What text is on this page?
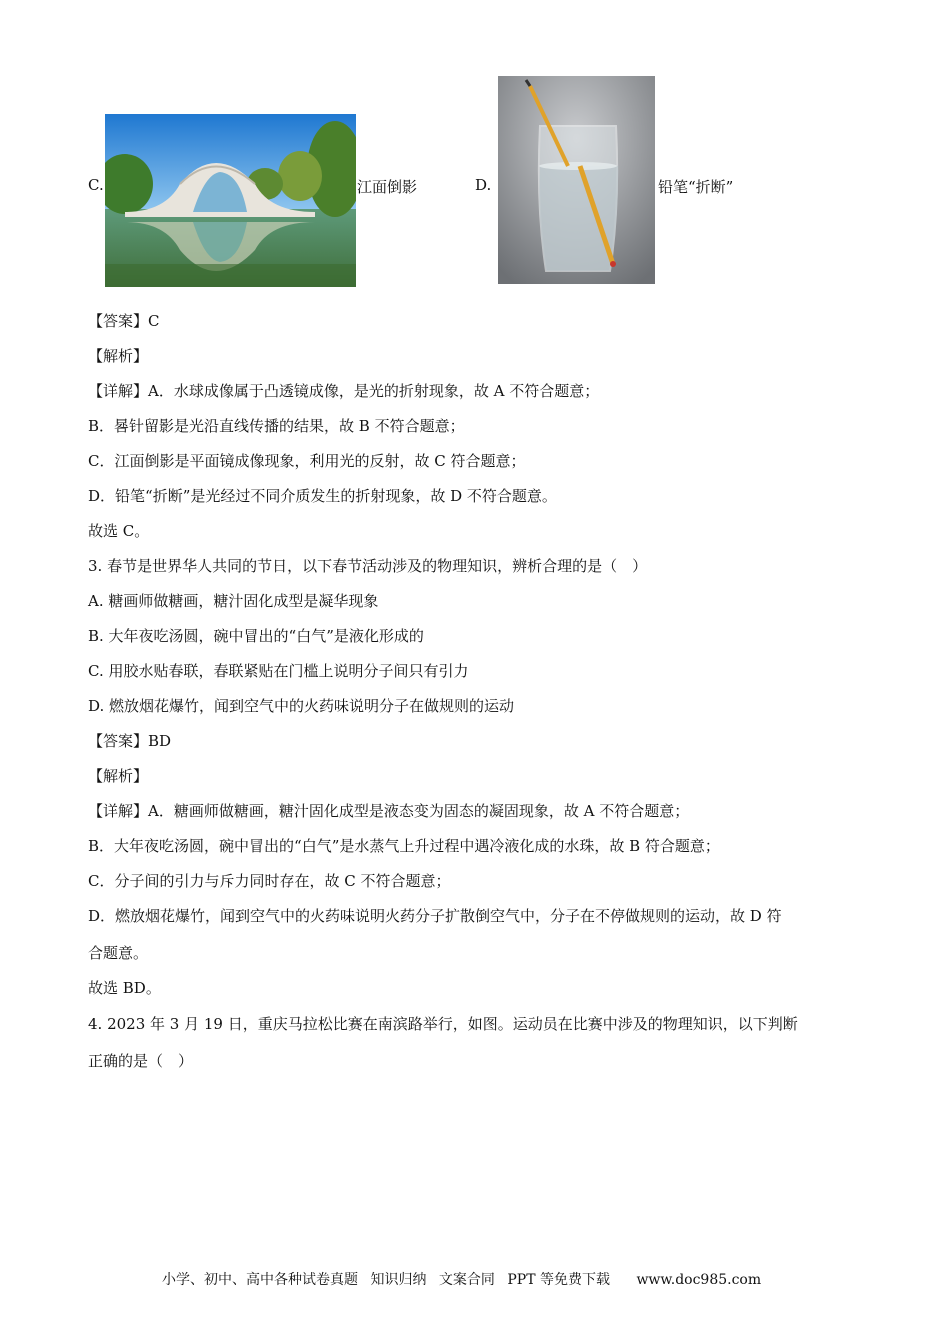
C.	江面倒影	D.	铅笔“折断”
【答案】C
【解析】
【详解】A．水球成像属于凸透镜成像，是光的折射现象，故 A 不符合题意；
B．晷针留影是光沿直线传播的结果，故 B 不符合题意；
C．江面倒影是平面镜成像现象，利用光的反射，故 C 符合题意；
D．铅笔“折断”是光经过不同介质发生的折射现象，故 D 不符合题意。
故选 C。
3. 春节是世界华人共同的节日，以下春节活动涉及的物理知识，辨析合理的是（　）
A. 糖画师做糖画，糖汁固化成型是凝华现象
B. 大年夜吃汤圆，碗中冒出的“白气”是液化形成的
C. 用胶水贴春联，春联紧贴在门槛上说明分子间只有引力
D. 燃放烟花爆竹，闻到空气中的火药味说明分子在做规则的运动
【答案】BD
【解析】
【详解】A．糖画师做糖画，糖汁固化成型是液态变为固态的凝固现象，故 A 不符合题意；
B．大年夜吃汤圆，碗中冒出的“白气”是水蒸气上升过程中遇冷液化成的水珠，故 B 符合题意；
C．分子间的引力与斥力同时存在，故 C 不符合题意；
D．燃放烟花爆竹，闻到空气中的火药味说明火药分子扩散倒空气中，分子在不停做规则的运动，故 D 符
合题意。
故选 BD。
4. 2023 年 3 月 19 日，重庆马拉松比赛在南滨路举行，如图。运动员在比赛中涉及的物理知识，以下判断
正确的是（　）
小学、初中、高中各种试卷真题 知识归纳 文案合同 PPT 等免费下载 www.doc985.com
